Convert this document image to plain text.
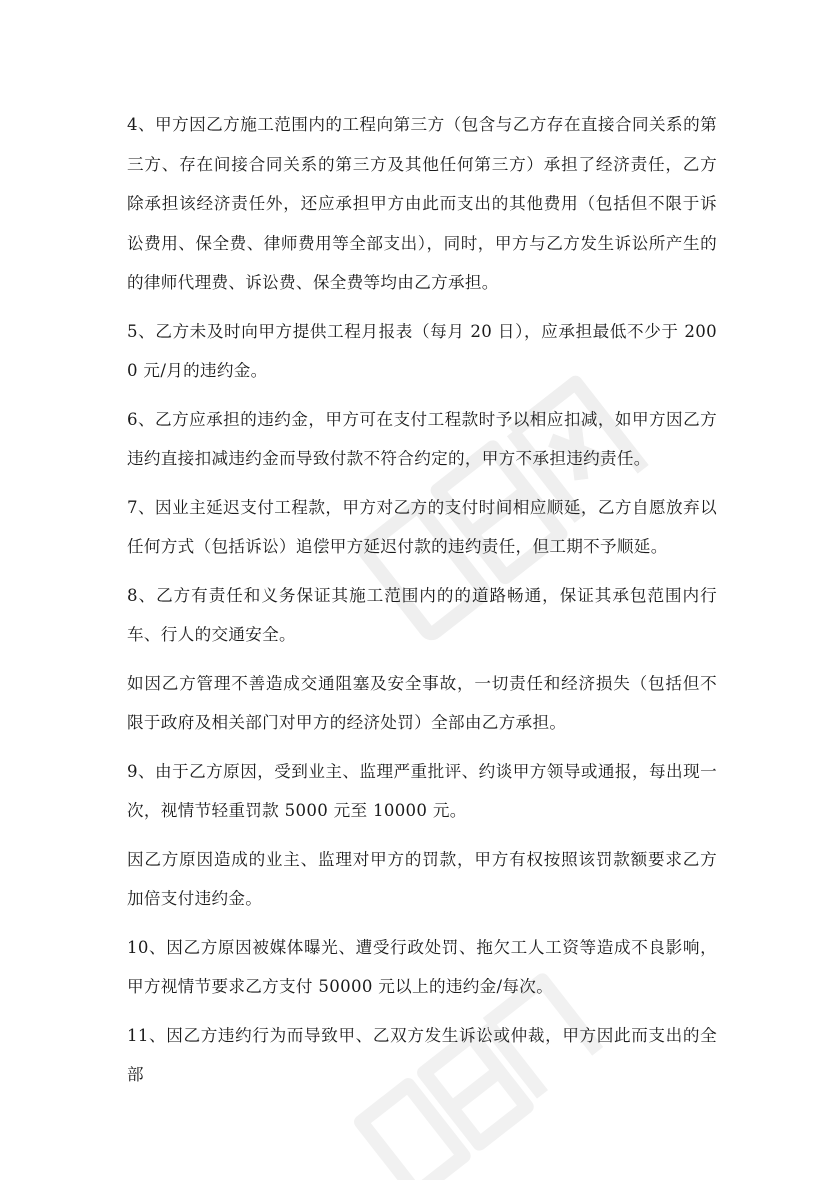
4、甲方因乙方施工范围内的工程向第三方（包含与乙方存在直接合同关系的第三方、存在间接合同关系的第三方及其他任何第三方）承担了经济责任，乙方除承担该经济责任外，还应承担甲方由此而支出的其他费用（包括但不限于诉讼费用、保全费、律师费用等全部支出），同时，甲方与乙方发生诉讼所产生的的律师代理费、诉讼费、保全费等均由乙方承担。

5、乙方未及时向甲方提供工程月报表（每月 20 日），应承担最低不少于 2000 元/月的违约金。

6、乙方应承担的违约金，甲方可在支付工程款时予以相应扣减，如甲方因乙方违约直接扣减违约金而导致付款不符合约定的，甲方不承担违约责任。

7、因业主延迟支付工程款，甲方对乙方的支付时间相应顺延，乙方自愿放弃以任何方式（包括诉讼）追偿甲方延迟付款的违约责任，但工期不予顺延。

8、乙方有责任和义务保证其施工范围内的的道路畅通，保证其承包范围内行车、行人的交通安全。

如因乙方管理不善造成交通阻塞及安全事故，一切责任和经济损失（包括但不限于政府及相关部门对甲方的经济处罚）全部由乙方承担。

9、由于乙方原因，受到业主、监理严重批评、约谈甲方领导或通报，每出现一次，视情节轻重罚款 5000 元至 10000 元。

因乙方原因造成的业主、监理对甲方的罚款，甲方有权按照该罚款额要求乙方加倍支付违约金。

10、因乙方原因被媒体曝光、遭受行政处罚、拖欠工人工资等造成不良影响，甲方视情节要求乙方支付 50000 元以上的违约金/每次。

11、因乙方违约行为而导致甲、乙双方发生诉讼或仲裁，甲方因此而支出的全部
